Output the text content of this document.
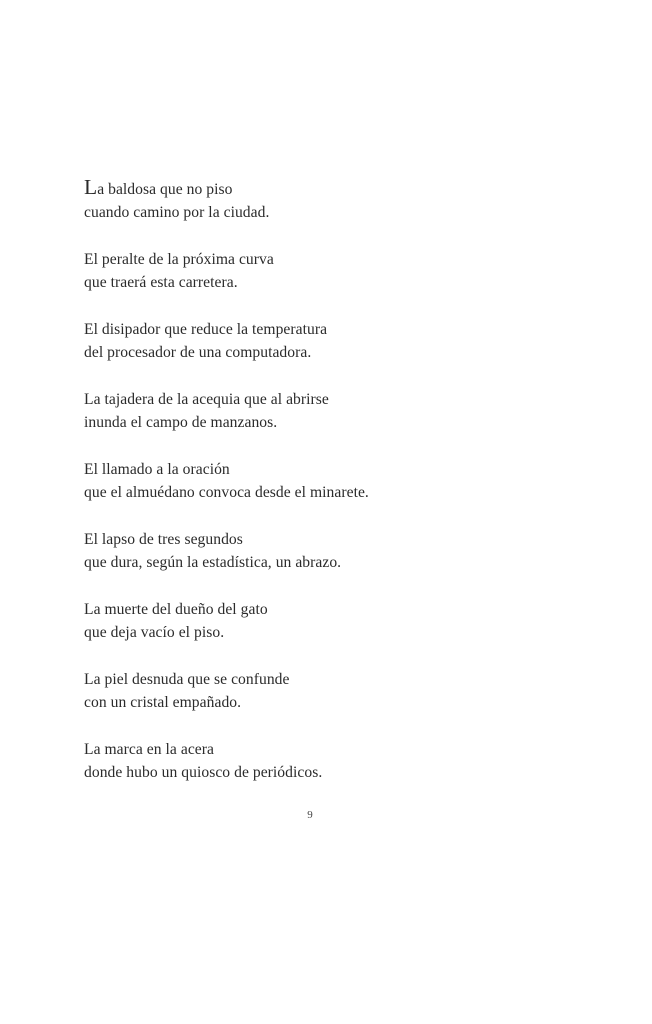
La baldosa que no piso
cuando camino por la ciudad.
El peralte de la próxima curva
que traerá esta carretera.
El disipador que reduce la temperatura
del procesador de una computadora.
La tajadera de la acequia que al abrirse
inunda el campo de manzanos.
El llamado a la oración
que el almuédano convoca desde el minarete.
El lapso de tres segundos
que dura, según la estadística, un abrazo.
La muerte del dueño del gato
que deja vacío el piso.
La piel desnuda que se confunde
con un cristal empañado.
La marca en la acera
donde hubo un quiosco de periódicos.
9
